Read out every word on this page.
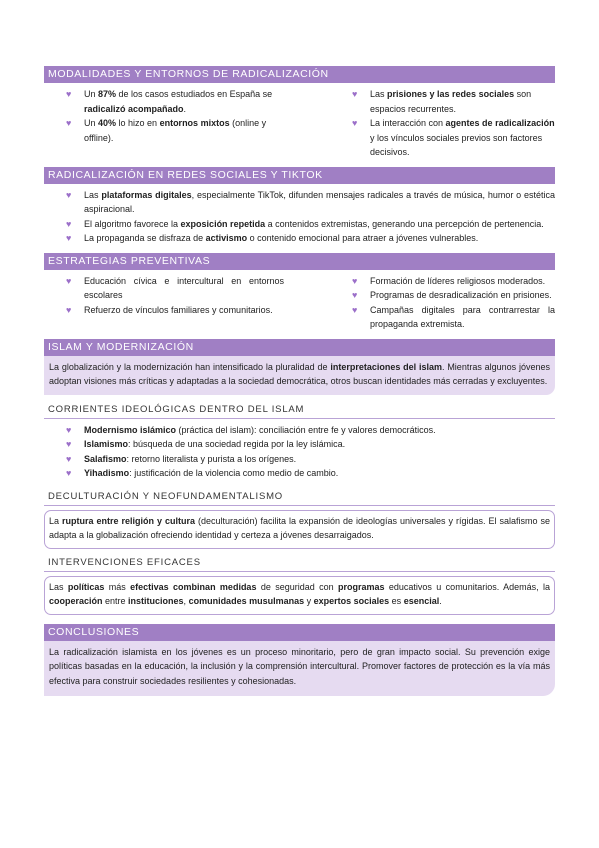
MODALIDADES Y ENTORNOS DE RADICALIZACIÓN
♥ Un 87% de los casos estudiados en España se radicalizó acompañado.
♥ Un 40% lo hizo en entornos mixtos (online y offline).
♥ Las prisiones y las redes sociales son espacios recurrentes.
♥ La interacción con agentes de radicalización y los vínculos sociales previos son factores decisivos.
RADICALIZACIÓN EN REDES SOCIALES Y TIKTOK
♥ Las plataformas digitales, especialmente TikTok, difunden mensajes radicales a través de música, humor o estética aspiracional.
♥ El algoritmo favorece la exposición repetida a contenidos extremistas, generando una percepción de pertenencia.
♥ La propaganda se disfraza de activismo o contenido emocional para atraer a jóvenes vulnerables.
ESTRATEGIAS PREVENTIVAS
♥ Educación cívica e intercultural en entornos escolares
♥ Refuerzo de vínculos familiares y comunitarios.
♥ Formación de líderes religiosos moderados.
♥ Programas de desradicalización en prisiones.
♥ Campañas digitales para contrarrestar la propaganda extremista.
ISLAM Y MODERNIZACIÓN
La globalización y la modernización han intensificado la pluralidad de interpretaciones del islam. Mientras algunos jóvenes adoptan visiones más críticas y adaptadas a la sociedad democrática, otros buscan identidades más cerradas y excluyentes.
CORRIENTES IDEOLÓGICAS DENTRO DEL ISLAM
♥ Modernismo islámico (práctica del islam): conciliación entre fe y valores democráticos.
♥ Islamismo: búsqueda de una sociedad regida por la ley islámica.
♥ Salafismo: retorno literalista y purista a los orígenes.
♥ Yihadismo: justificación de la violencia como medio de cambio.
DECULTURACIÓN Y NEOFUNDAMENTALISMO
La ruptura entre religión y cultura (deculturación) facilita la expansión de ideologías universales y rígidas. El salafismo se adapta a la globalización ofreciendo identidad y certeza a jóvenes desarraigados.
INTERVENCIONES EFICACES
Las políticas más efectivas combinan medidas de seguridad con programas educativos u comunitarios. Además, la cooperación entre instituciones, comunidades musulmanas y expertos sociales es esencial.
CONCLUSIONES
La radicalización islamista en los jóvenes es un proceso minoritario, pero de gran impacto social. Su prevención exige políticas basadas en la educación, la inclusión y la comprensión intercultural. Promover factores de protección es la vía más efectiva para construir sociedades resilientes y cohesionadas.
